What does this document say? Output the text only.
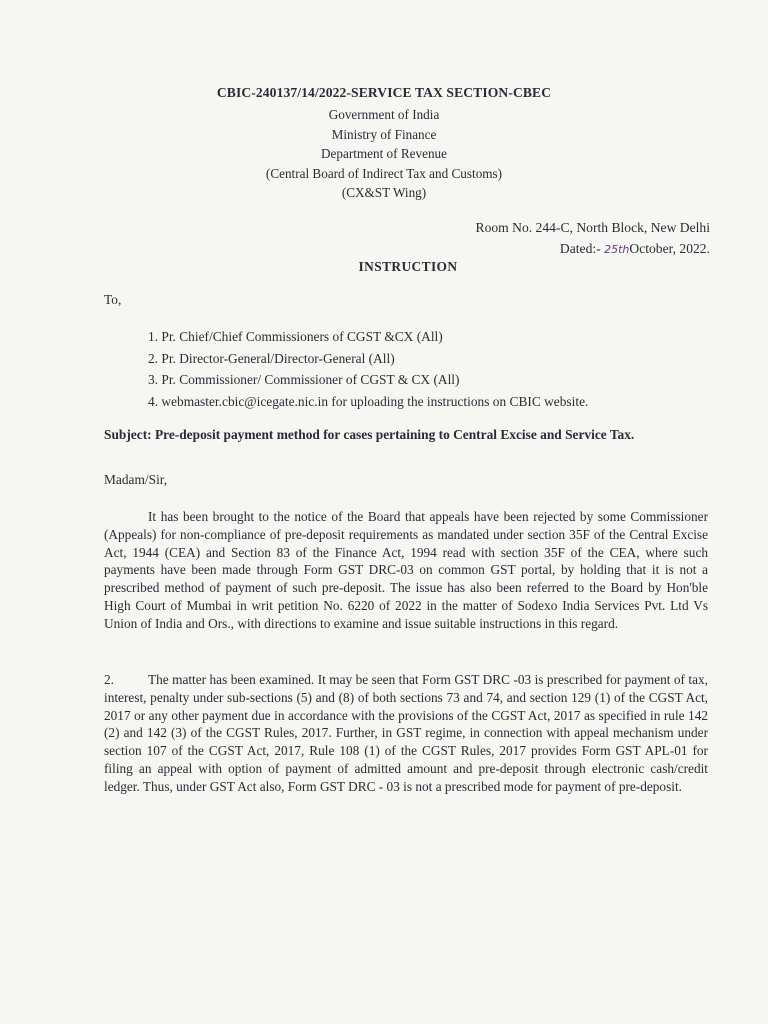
CBIC-240137/14/2022-SERVICE TAX SECTION-CBEC
Government of India
Ministry of Finance
Department of Revenue
(Central Board of Indirect Tax and Customs)
(CX&ST Wing)
Room No. 244-C, North Block, New Delhi
Dated:- 25thOctober, 2022.
INSTRUCTION
To,
1. Pr. Chief/Chief Commissioners of CGST &CX (All)
2. Pr. Director-General/Director-General (All)
3. Pr. Commissioner/ Commissioner of CGST & CX (All)
4. webmaster.cbic@icegate.nic.in for uploading the instructions on CBIC website.
Subject: Pre-deposit payment method for cases pertaining to Central Excise and Service Tax.
Madam/Sir,

It has been brought to the notice of the Board that appeals have been rejected by some Commissioner (Appeals) for non-compliance of pre-deposit requirements as mandated under section 35F of the Central Excise Act, 1944 (CEA) and Section 83 of the Finance Act, 1994 read with section 35F of the CEA, where such payments have been made through Form GST DRC-03 on common GST portal, by holding that it is not a prescribed method of payment of such pre-deposit. The issue has also been referred to the Board by Hon'ble High Court of Mumbai in writ petition No. 6220 of 2022 in the matter of Sodexo India Services Pvt. Ltd Vs Union of India and Ors., with directions to examine and issue suitable instructions in this regard.

2.	The matter has been examined. It may be seen that Form GST DRC -03 is prescribed for payment of tax, interest, penalty under sub-sections (5) and (8) of both sections 73 and 74, and section 129 (1) of the CGST Act, 2017 or any other payment due in accordance with the provisions of the CGST Act, 2017 as specified in rule 142 (2) and 142 (3) of the CGST Rules, 2017. Further, in GST regime, in connection with appeal mechanism under section 107 of the CGST Act, 2017, Rule 108 (1) of the CGST Rules, 2017 provides Form GST APL-01 for filing an appeal with option of payment of admitted amount and pre-deposit through electronic cash/credit ledger. Thus, under GST Act also, Form GST DRC - 03 is not a prescribed mode for payment of pre-deposit.
